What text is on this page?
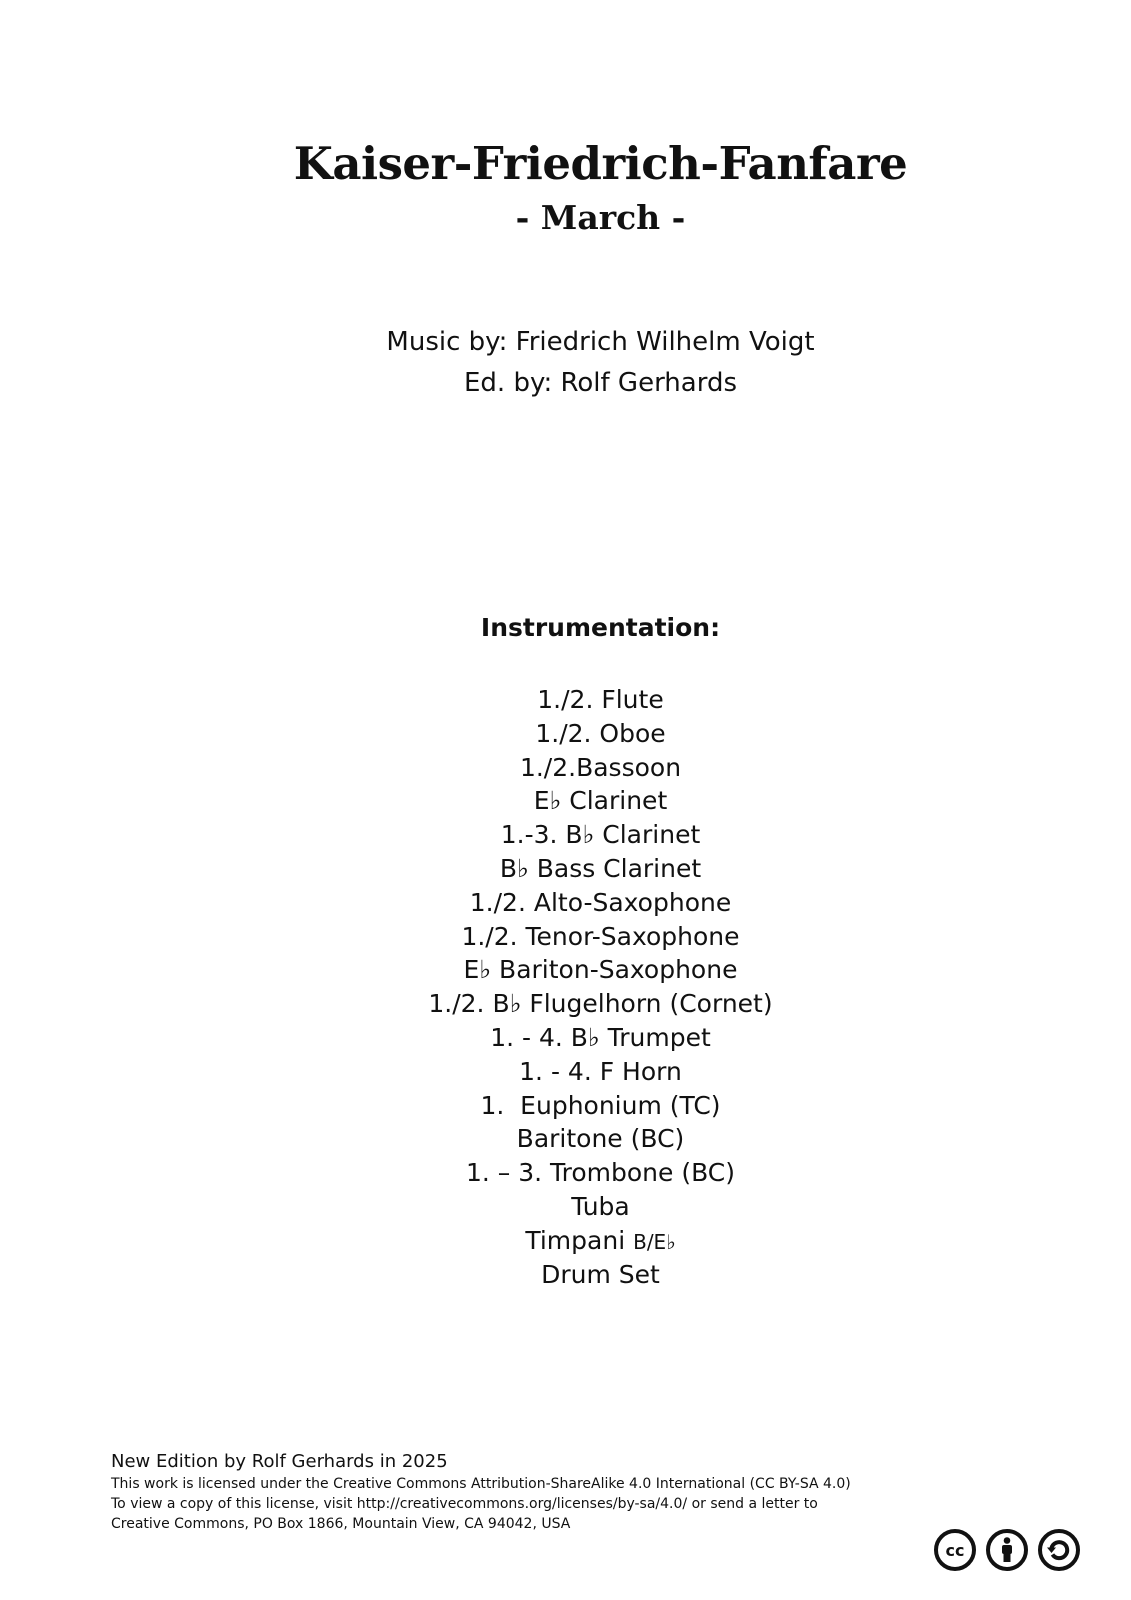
Kaiser-Friedrich-Fanfare
- March -
Music by: Friedrich Wilhelm Voigt
Ed. by: Rolf Gerhards
Instrumentation:
1./2. Flute
1./2. Oboe
1./2.Bassoon
E♭ Clarinet
1.-3. B♭ Clarinet
B♭ Bass Clarinet
1./2. Alto-Saxophone
1./2. Tenor-Saxophone
E♭ Bariton-Saxophone
1./2. B♭ Flugelhorn (Cornet)
1. - 4. B♭ Trumpet
1. - 4. F Horn
1.  Euphonium (TC)
Baritone (BC)
1. – 3. Trombone (BC)
Tuba
Timpani B/E♭
Drum Set
New Edition by Rolf Gerhards in 2025
This work is licensed under the Creative Commons Attribution-ShareAlike 4.0 International (CC BY-SA 4.0)
To view a copy of this license, visit http://creativecommons.org/licenses/by-sa/4.0/ or send a letter to
Creative Commons, PO Box 1866, Mountain View, CA 94042, USA
cc
